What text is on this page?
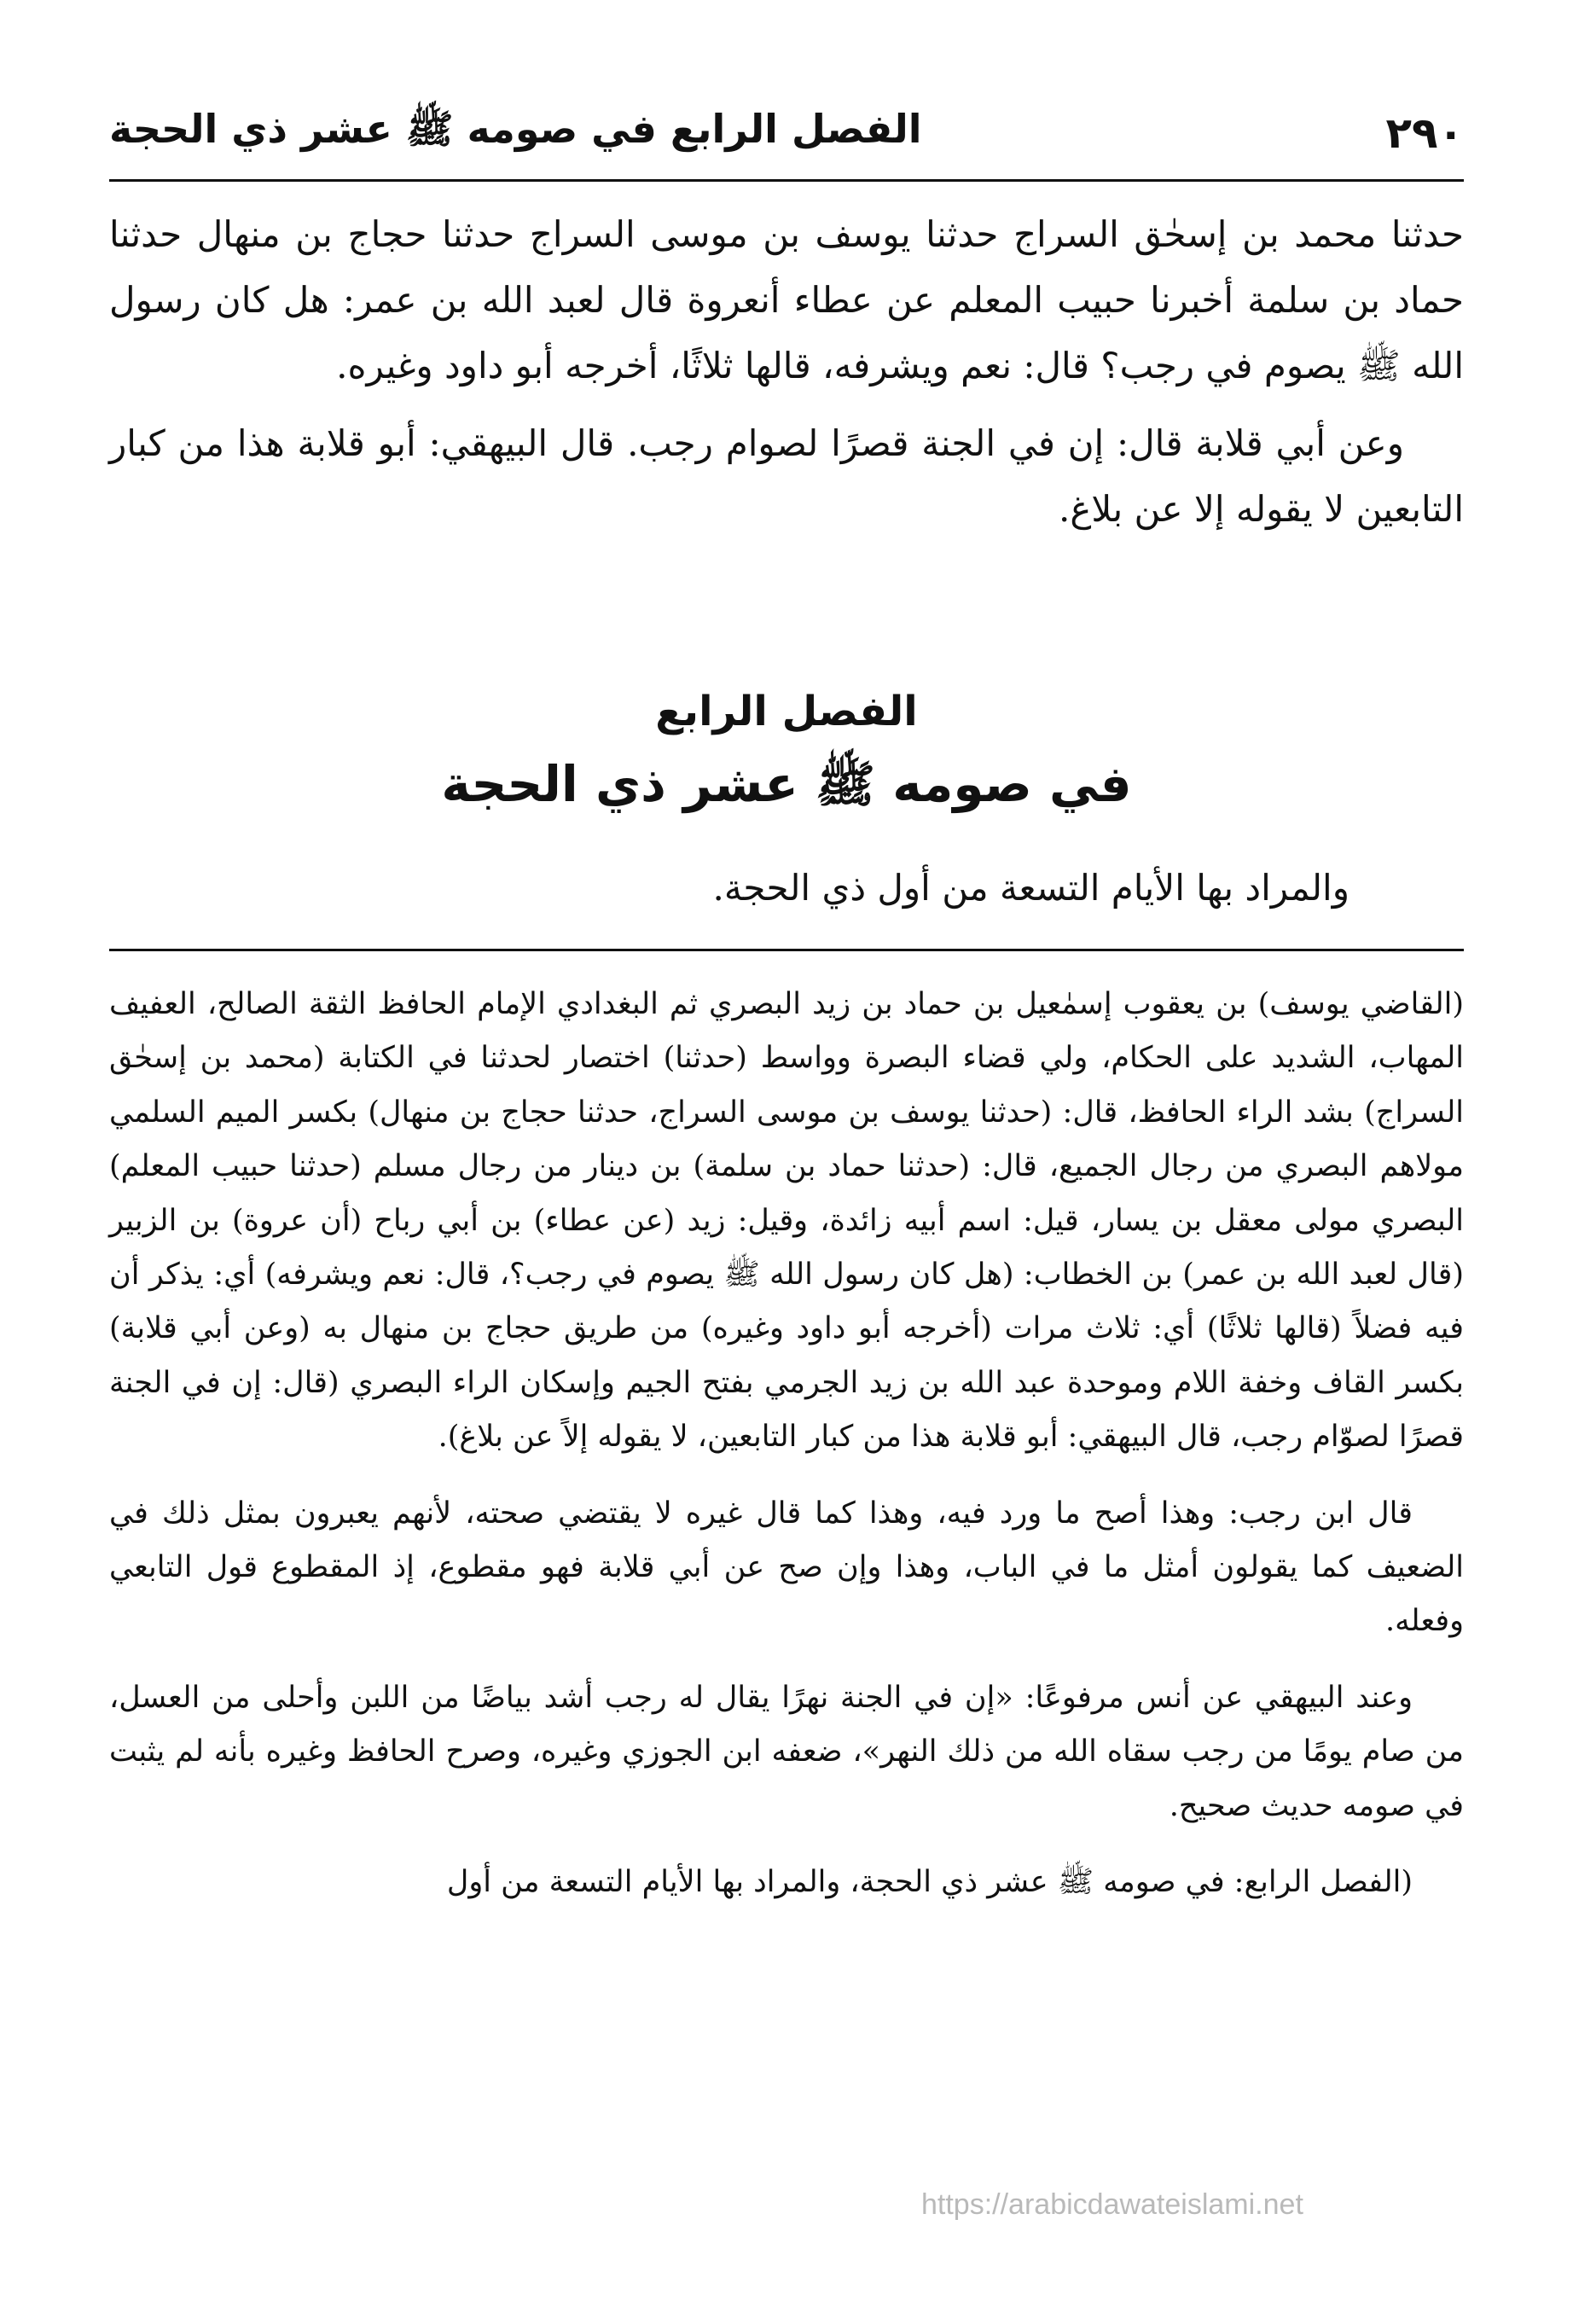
٢٩٠
الفصل الرابع في صومه ﷺ عشر ذي الحجة

حدثنا محمد بن إسحٰق السراج حدثنا يوسف بن موسى السراج حدثنا حجاج بن منهال حدثنا حماد بن سلمة أخبرنا حبيب المعلم عن عطاء أنعروة قال لعبد الله بن عمر: هل كان رسول الله ﷺ يصوم في رجب؟ قال: نعم ويشرفه، قالها ثلاثًا، أخرجه أبو داود وغيره.

وعن أبي قلابة قال: إن في الجنة قصرًا لصوام رجب. قال البيهقي: أبو قلابة هذا من كبار التابعين لا يقوله إلا عن بلاغ.

الفصل الرابع
في صومه ﷺ عشر ذي الحجة
والمراد بها الأيام التسعة من أول ذي الحجة.

(القاضي يوسف) بن يعقوب إسمٰعيل بن حماد بن زيد البصري ثم البغدادي الإمام الحافظ الثقة الصالح، العفيف المهاب، الشديد على الحكام، ولي قضاء البصرة وواسط (حدثنا) اختصار لحدثنا في الكتابة (محمد بن إسحٰق السراج) بشد الراء الحافظ، قال: (حدثنا يوسف بن موسى السراج، حدثنا حجاج بن منهال) بكسر الميم السلمي مولاهم البصري من رجال الجميع، قال: (حدثنا حماد بن سلمة) بن دينار من رجال مسلم (حدثنا حبيب المعلم) البصري مولى معقل بن يسار، قيل: اسم أبيه زائدة، وقيل: زيد (عن عطاء) بن أبي رباح (أن عروة) بن الزبير (قال لعبد الله بن عمر) بن الخطاب: (هل كان رسول الله ﷺ يصوم في رجب؟، قال: نعم ويشرفه) أي: يذكر أن فيه فضلاً (قالها ثلاثًا) أي: ثلاث مرات (أخرجه أبو داود وغيره) من طريق حجاج بن منهال به (وعن أبي قلابة) بكسر القاف وخفة اللام وموحدة عبد الله بن زيد الجرمي بفتح الجيم وإسكان الراء البصري (قال: إن في الجنة قصرًا لصوّام رجب، قال البيهقي: أبو قلابة هذا من كبار التابعين، لا يقوله إلاً عن بلاغ).

قال ابن رجب: وهذا أصح ما ورد فيه، وهذا كما قال غيره لا يقتضي صحته، لأنهم يعبرون بمثل ذلك في الضعيف كما يقولون أمثل ما في الباب، وهذا وإن صح عن أبي قلابة فهو مقطوع، إذ المقطوع قول التابعي وفعله.

وعند البيهقي عن أنس مرفوعًا: «إن في الجنة نهرًا يقال له رجب أشد بياضًا من اللبن وأحلى من العسل، من صام يومًا من رجب سقاه الله من ذلك النهر»، ضعفه ابن الجوزي وغيره، وصرح الحافظ وغيره بأنه لم يثبت في صومه حديث صحيح.

(الفصل الرابع: في صومه ﷺ عشر ذي الحجة، والمراد بها الأيام التسعة من أول

https://arabicdawateislami.net
